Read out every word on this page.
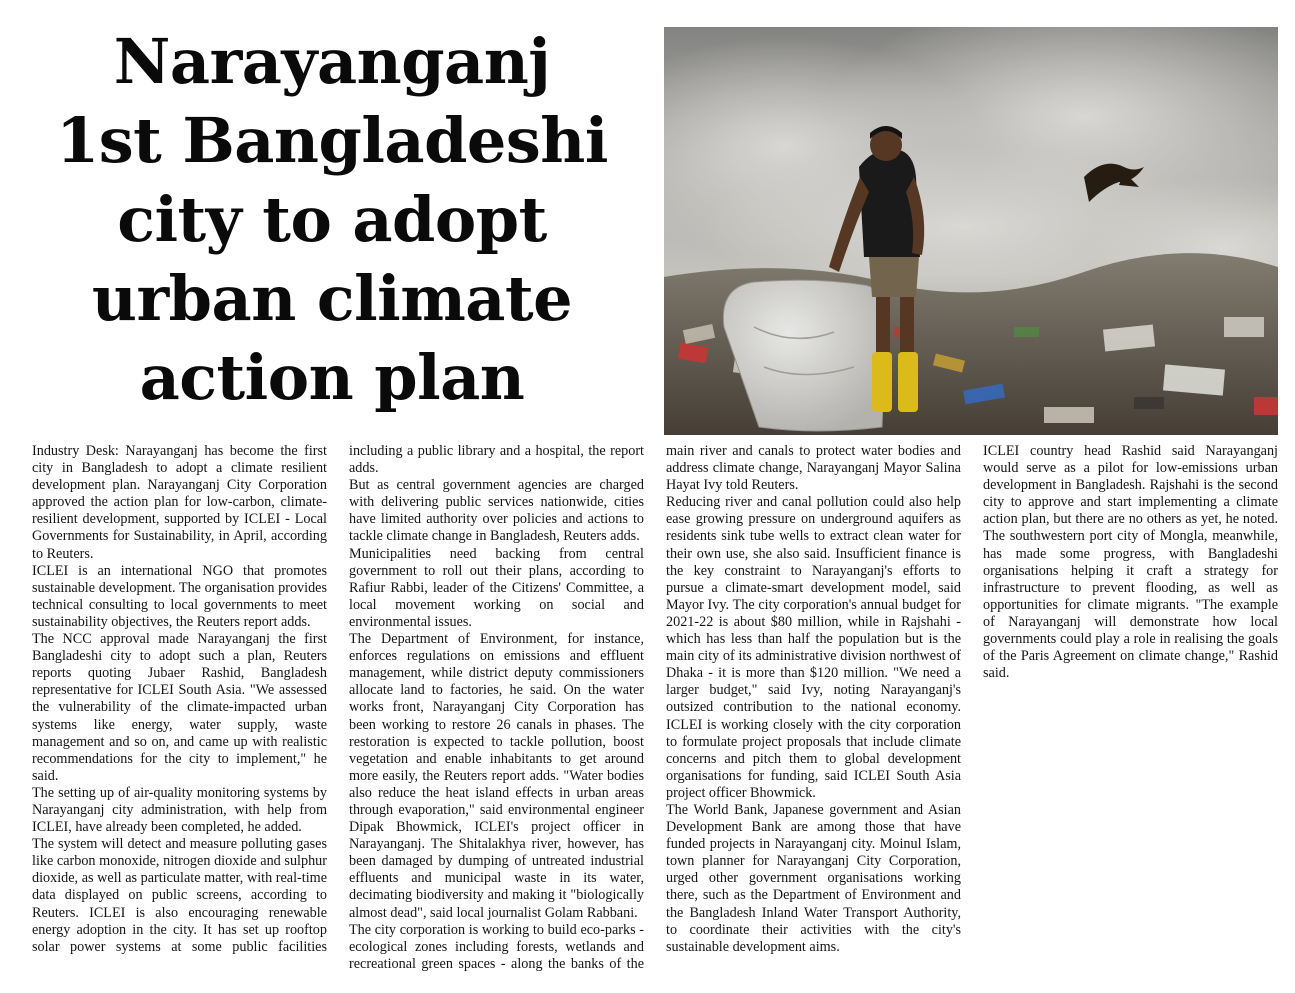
Narayanganj
1st Bangladeshi
city to adopt
urban climate
action plan

Industry Desk: Narayanganj has become the first city in Bangladesh to adopt a climate resilient development plan. Narayanganj City Corporation approved the action plan for low-carbon, climate-resilient development, supported by ICLEI - Local Governments for Sustainability, in April, according to Reuters.

ICLEI is an international NGO that promotes sustainable development. The organisation provides technical consulting to local governments to meet sustainability objectives, the Reuters report adds.

The NCC approval made Narayanganj the first Bangladeshi city to adopt such a plan, Reuters reports quoting Jubaer Rashid, Bangladesh representative for ICLEI South Asia. "We assessed the vulnerability of the climate-impacted urban systems like energy, water supply, waste management and so on, and came up with realistic recommendations for the city to implement," he said.

The setting up of air-quality monitoring systems by Narayanganj city administration, with help from ICLEI, have already been completed, he added.

The system will detect and measure polluting gases like carbon monoxide, nitrogen dioxide and sulphur dioxide, as well as particulate matter, with real-time data displayed on public screens, according to Reuters. ICLEI is also encouraging renewable energy adoption in the city. It has set up rooftop solar power systems at some public facilities including a public library and a hospital, the report adds.

But as central government agencies are charged with delivering public services nationwide, cities have limited authority over policies and actions to tackle climate change in Bangladesh, Reuters adds.

Municipalities need backing from central government to roll out their plans, according to Rafiur Rabbi, leader of the Citizens' Committee, a local movement working on social and environmental issues.

The Department of Environment, for instance, enforces regulations on emissions and effluent management, while district deputy commissioners allocate land to factories, he said. On the water works front, Narayanganj City Corporation has been working to restore 26 canals in phases. The restoration is expected to tackle pollution, boost vegetation and enable inhabitants to get around more easily, the Reuters report adds. "Water bodies also reduce the heat island effects in urban areas through evaporation," said environmental engineer Dipak Bhowmick, ICLEI's project officer in Narayanganj. The Shitalakhya river, however, has been damaged by dumping of untreated industrial effluents and municipal waste in its water, decimating biodiversity and making it "biologically almost dead", said local journalist Golam Rabbani.

The city corporation is working to build eco-parks - ecological zones including forests, wetlands and recreational green spaces - along the banks of the main river and canals to protect water bodies and address climate change, Narayanganj Mayor Salina Hayat Ivy told Reuters.

Reducing river and canal pollution could also help ease growing pressure on underground aquifers as residents sink tube wells to extract clean water for their own use, she also said. Insufficient finance is the key constraint to Narayanganj's efforts to pursue a climate-smart development model, said Mayor Ivy. The city corporation's annual budget for 2021-22 is about $80 million, while in Rajshahi - which has less than half the population but is the main city of its administrative division northwest of Dhaka - it is more than $120 million. "We need a larger budget," said Ivy, noting Narayanganj's outsized contribution to the national economy. ICLEI is working closely with the city corporation to formulate project proposals that include climate concerns and pitch them to global development organisations for funding, said ICLEI South Asia project officer Bhowmick.

The World Bank, Japanese government and Asian Development Bank are among those that have funded projects in Narayanganj city. Moinul Islam, town planner for Narayanganj City Corporation, urged other government organisations working there, such as the Department of Environment and the Bangladesh Inland Water Transport Authority, to coordinate their activities with the city's sustainable development aims.

ICLEI country head Rashid said Narayanganj would serve as a pilot for low-emissions urban development in Bangladesh. Rajshahi is the second city to approve and start implementing a climate action plan, but there are no others as yet, he noted. The southwestern port city of Mongla, meanwhile, has made some progress, with Bangladeshi organisations helping it craft a strategy for infrastructure to prevent flooding, as well as opportunities for climate migrants. "The example of Narayanganj will demonstrate how local governments could play a role in realising the goals of the Paris Agreement on climate change," Rashid said.
